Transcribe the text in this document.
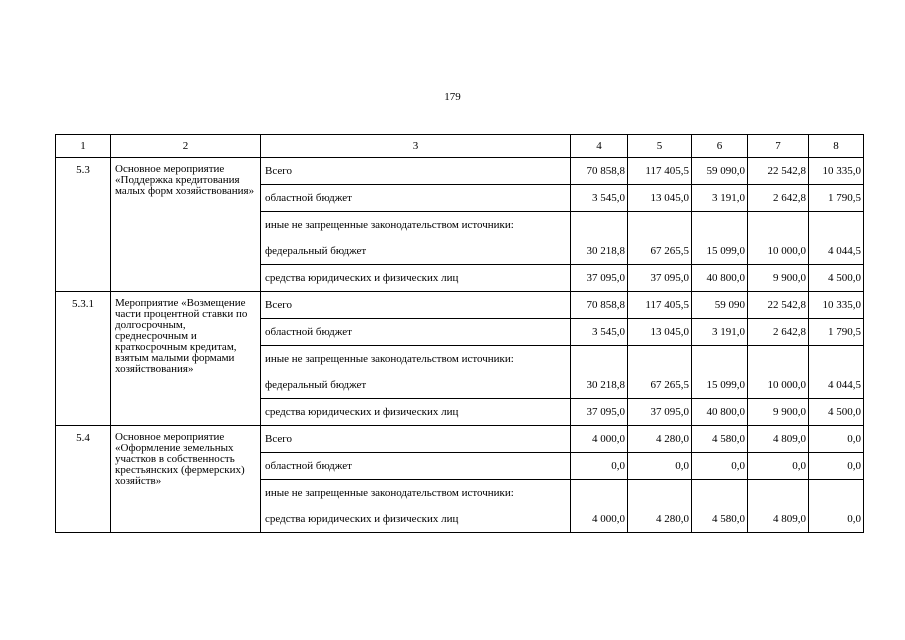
179
1	2	3	4	5	6	7	8
5.3	Основное мероприятие «Поддержка кредитования малых форм хозяйствования»	Всего	70 858,8	117 405,5	59 090,0	22 542,8	10 335,0
		областной бюджет	3 545,0	13 045,0	3 191,0	2 642,8	1 790,5
		иные не запрещенные законодательством источники:					
		федеральный бюджет	30 218,8	67 265,5	15 099,0	10 000,0	4 044,5
		средства юридических и физических лиц	37 095,0	37 095,0	40 800,0	9 900,0	4 500,0
5.3.1	Мероприятие «Возмещение части процентной ставки по долгосрочным, среднесрочным и краткосрочным кредитам, взятым малыми формами хозяйствования»	Всего	70 858,8	117 405,5	59 090	22 542,8	10 335,0
		областной бюджет	3 545,0	13 045,0	3 191,0	2 642,8	1 790,5
		иные не запрещенные законодательством источники:					
		федеральный бюджет	30 218,8	67 265,5	15 099,0	10 000,0	4 044,5
		средства юридических и физических лиц	37 095,0	37 095,0	40 800,0	9 900,0	4 500,0
5.4	Основное мероприятие «Оформление земельных участков в собственность крестьянских (фермерских) хозяйств»	Всего	4 000,0	4 280,0	4 580,0	4 809,0	0,0
		областной бюджет	0,0	0,0	0,0	0,0	0,0
		иные не запрещенные законодательством источники:					
		средства юридических и физических лиц	4 000,0	4 280,0	4 580,0	4 809,0	0,0
